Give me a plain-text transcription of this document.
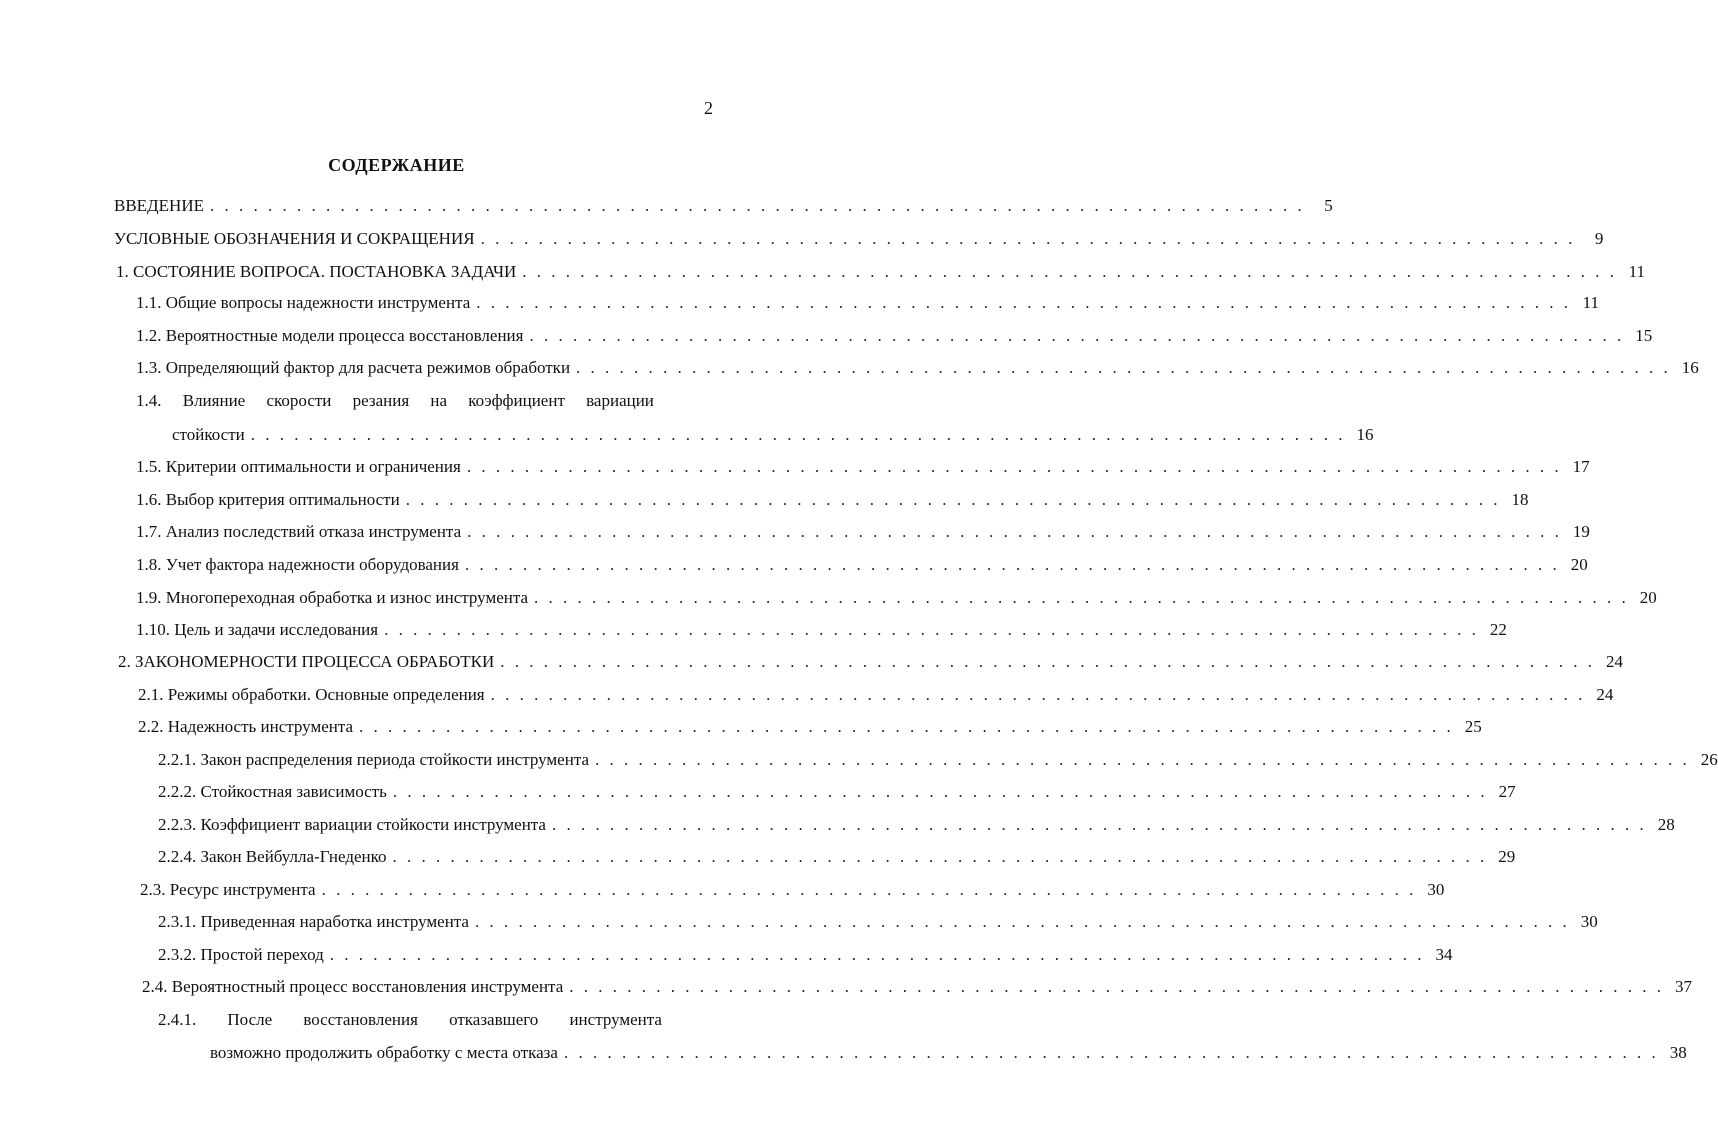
2
СОДЕРЖАНИЕ
ВВЕДЕНИЕ . . . . . . . . . . . . . . . . . . . . . . . . . . . . . . . . . . . . . . . . . . . . . . . . . . . . . . . . . . . . . . . . . . . . . . . . . . . .	5
УСЛОВНЫЕ ОБОЗНАЧЕНИЯ И СОКРАЩЕНИЯ . . . . . . . . . . . . . . . . . . . . . . . . . . . . . . . . . . . . . . . . . . . . . . . . . . . . . . . . . . . . . . . . . . . . . . . . . . . .	9
1. СОСТОЯНИЕ ВОПРОСА. ПОСТАНОВКА ЗАДАЧИ . . . . . . . . . . . . . . . . . . . . . . . . . . . . . . . . . . . . . . . . . . . . . . . . . . . . . . . . . . . . . . . . . . . . . . . . . . . . 11
1.1. Общие вопросы надежности инструмента . . . . . . . . . . . . . . . . . . . . . . . . . . . . . . . . . . . . . . . . . . . . . . . . . . . . . . . . . . . . . . . . . . . . . . . . . . . . 11
1.2. Вероятностные модели процесса восстановления . . . . . . . . . . . . . . . . . . . . . . . . . . . . . . . . . . . . . . . . . . . . . . . . . . . . . . . . . . . . . . . . . . . . . . . . . . . . 15
1.3. Определяющий фактор для расчета режимов обработки . . . . . . . . . . . . . . . . . . . . . . . . . . . . . . . . . . . . . . . . . . . . . . . . . . . . . . . . . . . . . . . . . . . . . . . . . . . . 16
1.4. Влияние скорости резания на коэффициент вариации
стойкости . . . . . . . . . . . . . . . . . . . . . . . . . . . . . . . . . . . . . . . . . . . . . . . . . . . . . . . . . . . . . . . . . . . . . . . . . . . . 16
1.5. Критерии оптимальности и ограничения . . . . . . . . . . . . . . . . . . . . . . . . . . . . . . . . . . . . . . . . . . . . . . . . . . . . . . . . . . . . . . . . . . . . . . . . . . . . 17
1.6. Выбор критерия оптимальности . . . . . . . . . . . . . . . . . . . . . . . . . . . . . . . . . . . . . . . . . . . . . . . . . . . . . . . . . . . . . . . . . . . . . . . . . . . . 18
1.7. Анализ последствий отказа инструмента . . . . . . . . . . . . . . . . . . . . . . . . . . . . . . . . . . . . . . . . . . . . . . . . . . . . . . . . . . . . . . . . . . . . . . . . . . . . 19
1.8. Учет фактора надежности оборудования . . . . . . . . . . . . . . . . . . . . . . . . . . . . . . . . . . . . . . . . . . . . . . . . . . . . . . . . . . . . . . . . . . . . . . . . . . . . 20
1.9. Многопереходная обработка и износ инструмента . . . . . . . . . . . . . . . . . . . . . . . . . . . . . . . . . . . . . . . . . . . . . . . . . . . . . . . . . . . . . . . . . . . . . . . . . . . . 20
1.10. Цель и задачи исследования . . . . . . . . . . . . . . . . . . . . . . . . . . . . . . . . . . . . . . . . . . . . . . . . . . . . . . . . . . . . . . . . . . . . . . . . . . . . 22
2. ЗАКОНОМЕРНОСТИ ПРОЦЕССА ОБРАБОТКИ . . . . . . . . . . . . . . . . . . . . . . . . . . . . . . . . . . . . . . . . . . . . . . . . . . . . . . . . . . . . . . . . . . . . . . . . . . . . 24
2.1. Режимы обработки. Основные определения . . . . . . . . . . . . . . . . . . . . . . . . . . . . . . . . . . . . . . . . . . . . . . . . . . . . . . . . . . . . . . . . . . . . . . . . . . . . 24
2.2. Надежность инструмента . . . . . . . . . . . . . . . . . . . . . . . . . . . . . . . . . . . . . . . . . . . . . . . . . . . . . . . . . . . . . . . . . . . . . . . . . . . . 25
2.2.1. Закон распределения периода стойкости инструмента . . . . . . . . . . . . . . . . . . . . . . . . . . . . . . . . . . . . . . . . . . . . . . . . . . . . . . . . . . . . . . . . . . . . . . . . . . . . 26
2.2.2. Стойкостная зависимость . . . . . . . . . . . . . . . . . . . . . . . . . . . . . . . . . . . . . . . . . . . . . . . . . . . . . . . . . . . . . . . . . . . . . . . . . . . . 27
2.2.3. Коэффициент вариации стойкости инструмента . . . . . . . . . . . . . . . . . . . . . . . . . . . . . . . . . . . . . . . . . . . . . . . . . . . . . . . . . . . . . . . . . . . . . . . . . . . . 28
2.2.4. Закон Вейбулла-Гнеденко . . . . . . . . . . . . . . . . . . . . . . . . . . . . . . . . . . . . . . . . . . . . . . . . . . . . . . . . . . . . . . . . . . . . . . . . . . . . 29
2.3. Ресурс инструмента . . . . . . . . . . . . . . . . . . . . . . . . . . . . . . . . . . . . . . . . . . . . . . . . . . . . . . . . . . . . . . . . . . . . . . . . . . . . 30
2.3.1. Приведенная наработка инструмента . . . . . . . . . . . . . . . . . . . . . . . . . . . . . . . . . . . . . . . . . . . . . . . . . . . . . . . . . . . . . . . . . . . . . . . . . . . . 30
2.3.2. Простой переход . . . . . . . . . . . . . . . . . . . . . . . . . . . . . . . . . . . . . . . . . . . . . . . . . . . . . . . . . . . . . . . . . . . . . . . . . . . . 34
2.4. Вероятностный процесс восстановления инструмента . . . . . . . . . . . . . . . . . . . . . . . . . . . . . . . . . . . . . . . . . . . . . . . . . . . . . . . . . . . . . . . . . . . . . . . . . . . . 37
2.4.1. После восстановления отказавшего инструмента
возможно продолжить обработку с места отказа . . . . . . . . . . . . . . . . . . . . . . . . . . . . . . . . . . . . . . . . . . . . . . . . . . . . . . . . . . . . . . . . . . . . . . . . . . . . 38
